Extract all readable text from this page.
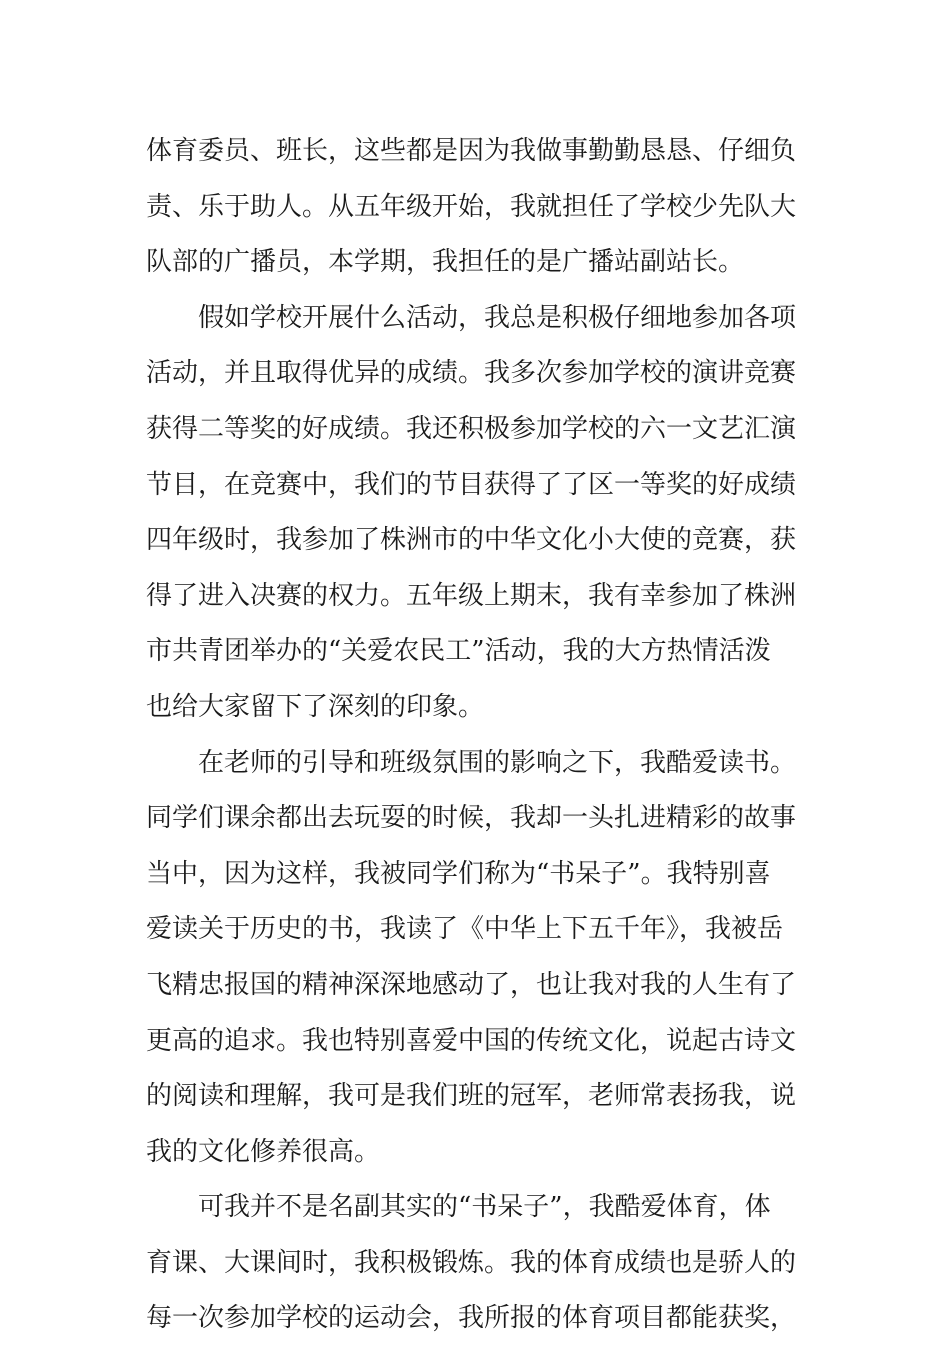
体育委员、班长，这些都是因为我做事勤勤恳恳、仔细负
责、乐于助人。从五年级开始，我就担任了学校少先队大
队部的广播员，本学期，我担任的是广播站副站长。
假如学校开展什么活动，我总是积极仔细地参加各项
活动，并且取得优异的成绩。我多次参加学校的演讲竞赛
获得二等奖的好成绩。我还积极参加学校的六一文艺汇演
节目，在竞赛中，我们的节目获得了了区一等奖的好成绩
四年级时，我参加了株洲市的中华文化小大使的竞赛，获
得了进入决赛的权力。五年级上期末，我有幸参加了株洲
市共青团举办的“关爱农民工”活动，我的大方热情活泼
也给大家留下了深刻的印象。
在老师的引导和班级氛围的影响之下，我酷爱读书。
同学们课余都出去玩耍的时候，我却一头扎进精彩的故事
当中，因为这样，我被同学们称为“书呆子”。我特别喜
爱读关于历史的书，我读了《中华上下五千年》，我被岳
飞精忠报国的精神深深地感动了，也让我对我的人生有了
更高的追求。我也特别喜爱中国的传统文化，说起古诗文
的阅读和理解，我可是我们班的冠军，老师常表扬我，说
我的文化修养很高。
可我并不是名副其实的“书呆子”，我酷爱体育，体
育课、大课间时，我积极锻炼。我的体育成绩也是骄人的
每一次参加学校的运动会，我所报的体育项目都能获奖，
